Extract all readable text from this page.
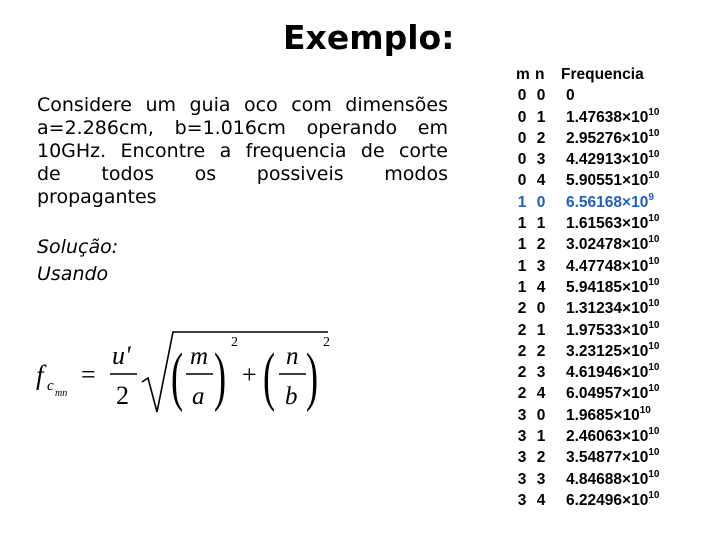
Exemplo:

Considere um guia oco com dimensões
a=2.286cm, b=1.016cm operando em
10GHz. Encontre a frequencia de corte
de todos os possiveis modos
propagantes

Solução:
Usando
f c mn
=
u'
2 ( m
a ) 2
+ ( n
b ) 2
m n Frequencia
0 0 0
0 1 $1.47638\times 10^{10}$
0 2 $2.95276\times 10^{10}$
0 3 $4.42913\times 10^{10}$
0 4 $5.90551\times 10^{10}$
1 0 $6.56168\times 10^9$
1 1 $1.61563\times 10^{10}$
1 2 $3.02478\times 10^{10}$
1 3 $4.47748\times 10^{10}$
1 4 $5.94185\times 10^{10}$
2 0 $1.31234\times 10^{10}$
2 1 $1.97533\times 10^{10}$
2 2 $3.23125\times 10^{10}$
2 3 $4.61946\times 10^{10}$
2 4 $6.04957\times 10^{10}$
3 0 $1.9685\times 10^{10}$
3 1 $2.46063\times 10^{10}$
3 2 $3.54877\times 10^{10}$
3 3 $4.84688\times 10^{10}$
3 4 $6.22496\times 10^{10}$
